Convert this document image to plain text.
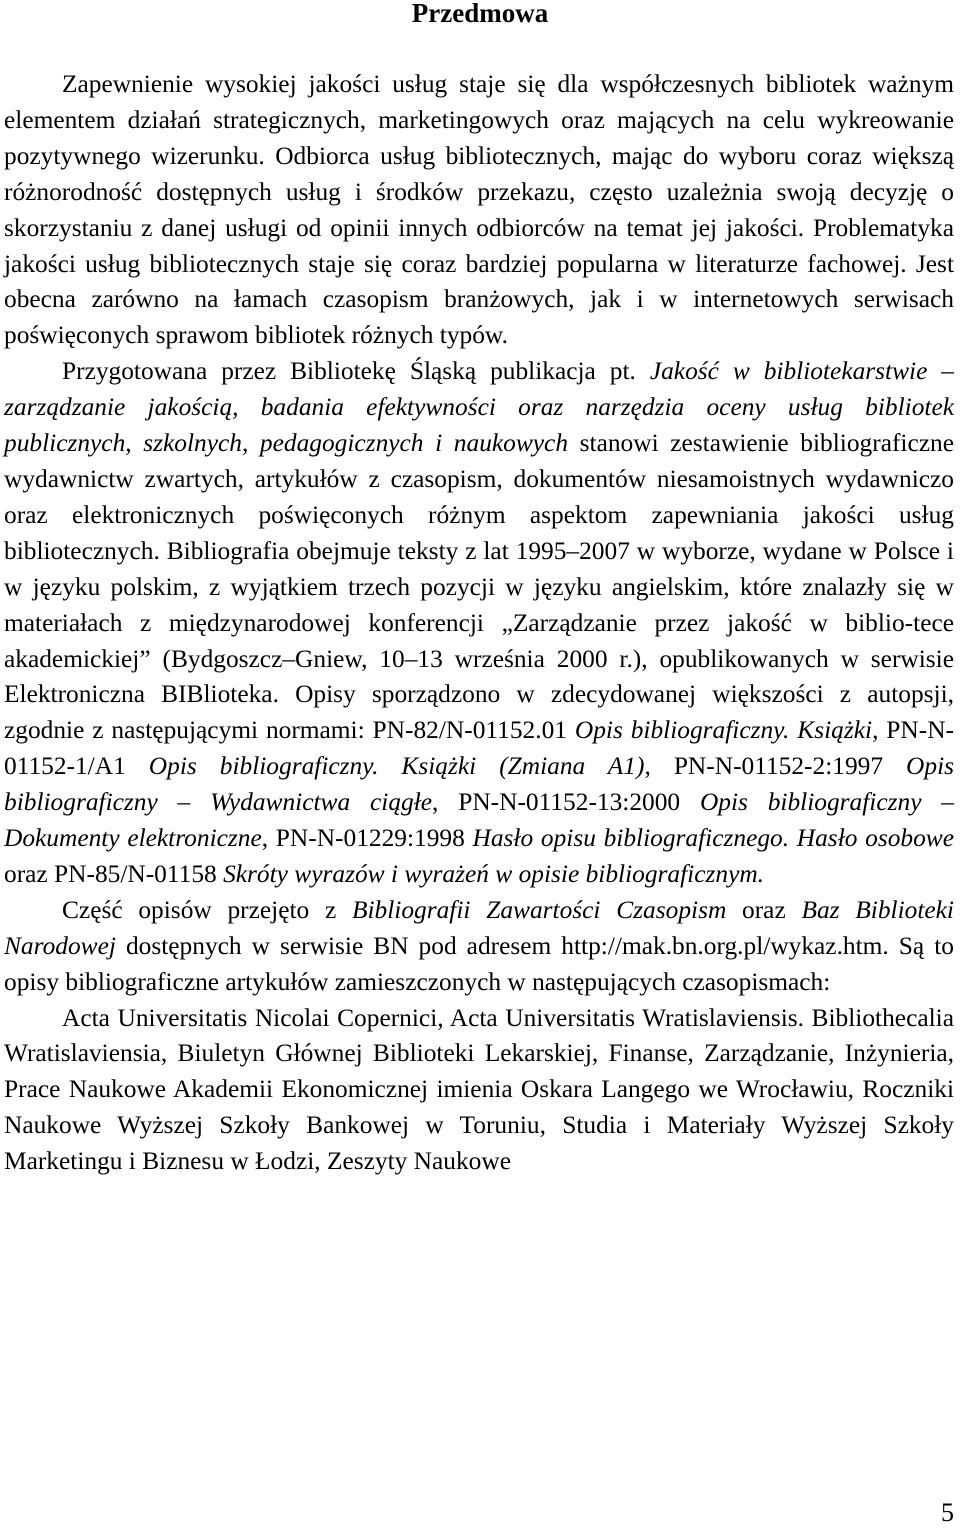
Przedmowa

Zapewnienie wysokiej jakości usług staje się dla współczesnych bibliotek ważnym elementem działań strategicznych, marketingowych oraz mających na celu wykreowanie pozytywnego wizerunku. Odbiorca usług bibliotecznych, mając do wyboru coraz większą różnorodność dostępnych usług i środków przekazu, często uzależnia swoją decyzję o skorzystaniu z danej usługi od opinii innych odbiorców na temat jej jakości. Problematyka jakości usług bibliotecznych staje się coraz bardziej popularna w literaturze fachowej. Jest obecna zarówno na łamach czasopism branżowych, jak i w internetowych serwisach poświęconych sprawom bibliotek różnych typów.

Przygotowana przez Bibliotekę Śląską publikacja pt. Jakość w bibliotekarstwie – zarządzanie jakością, badania efektywności oraz narzędzia oceny usług bibliotek publicznych, szkolnych, pedagogicznych i naukowych stanowi zestawienie bibliograficzne wydawnictw zwartych, artykułów z czasopism, dokumentów niesamoistnych wydawniczo oraz elektronicznych poświęconych różnym aspektom zapewniania jakości usług bibliotecznych. Bibliografia obejmuje teksty z lat 1995–2007 w wyborze, wydane w Polsce i w języku polskim, z wyjątkiem trzech pozycji w języku angielskim, które znalazły się w materiałach z międzynarodowej konferencji „Zarządzanie przez jakość w biblio-tece akademickiej” (Bydgoszcz–Gniew, 10–13 września 2000 r.), opublikowanych w serwisie Elektroniczna BIBlioteka. Opisy sporządzono w zdecydowanej większości z autopsji, zgodnie z następującymi normami: PN-82/N-01152.01 Opis bibliograficzny. Książki, PN-N-01152-1/A1 Opis bibliograficzny. Książki (Zmiana A1), PN-N-01152-2:1997 Opis bibliograficzny – Wydawnictwa ciągłe, PN-N-01152-13:2000 Opis bibliograficzny – Dokumenty elektroniczne, PN-N-01229:1998 Hasło opisu bibliograficznego. Hasło osobowe oraz PN-85/N-01158 Skróty wyrazów i wyrażeń w opisie bibliograficznym.

Część opisów przejęto z Bibliografii Zawartości Czasopism oraz Baz Biblioteki Narodowej dostępnych w serwisie BN pod adresem http://mak.bn.org.pl/wykaz.htm. Są to opisy bibliograficzne artykułów zamieszczonych w następujących czasopismach:

Acta Universitatis Nicolai Copernici, Acta Universitatis Wratislaviensis. Bibliothecalia Wratislaviensia, Biuletyn Głównej Biblioteki Lekarskiej, Finanse, Zarządzanie, Inżynieria, Prace Naukowe Akademii Ekonomicznej imienia Oskara Langego we Wrocławiu, Roczniki Naukowe Wyższej Szkoły Bankowej w Toruniu, Studia i Materiały Wyższej Szkoły Marketingu i Biznesu w Łodzi, Zeszyty Naukowe

5
